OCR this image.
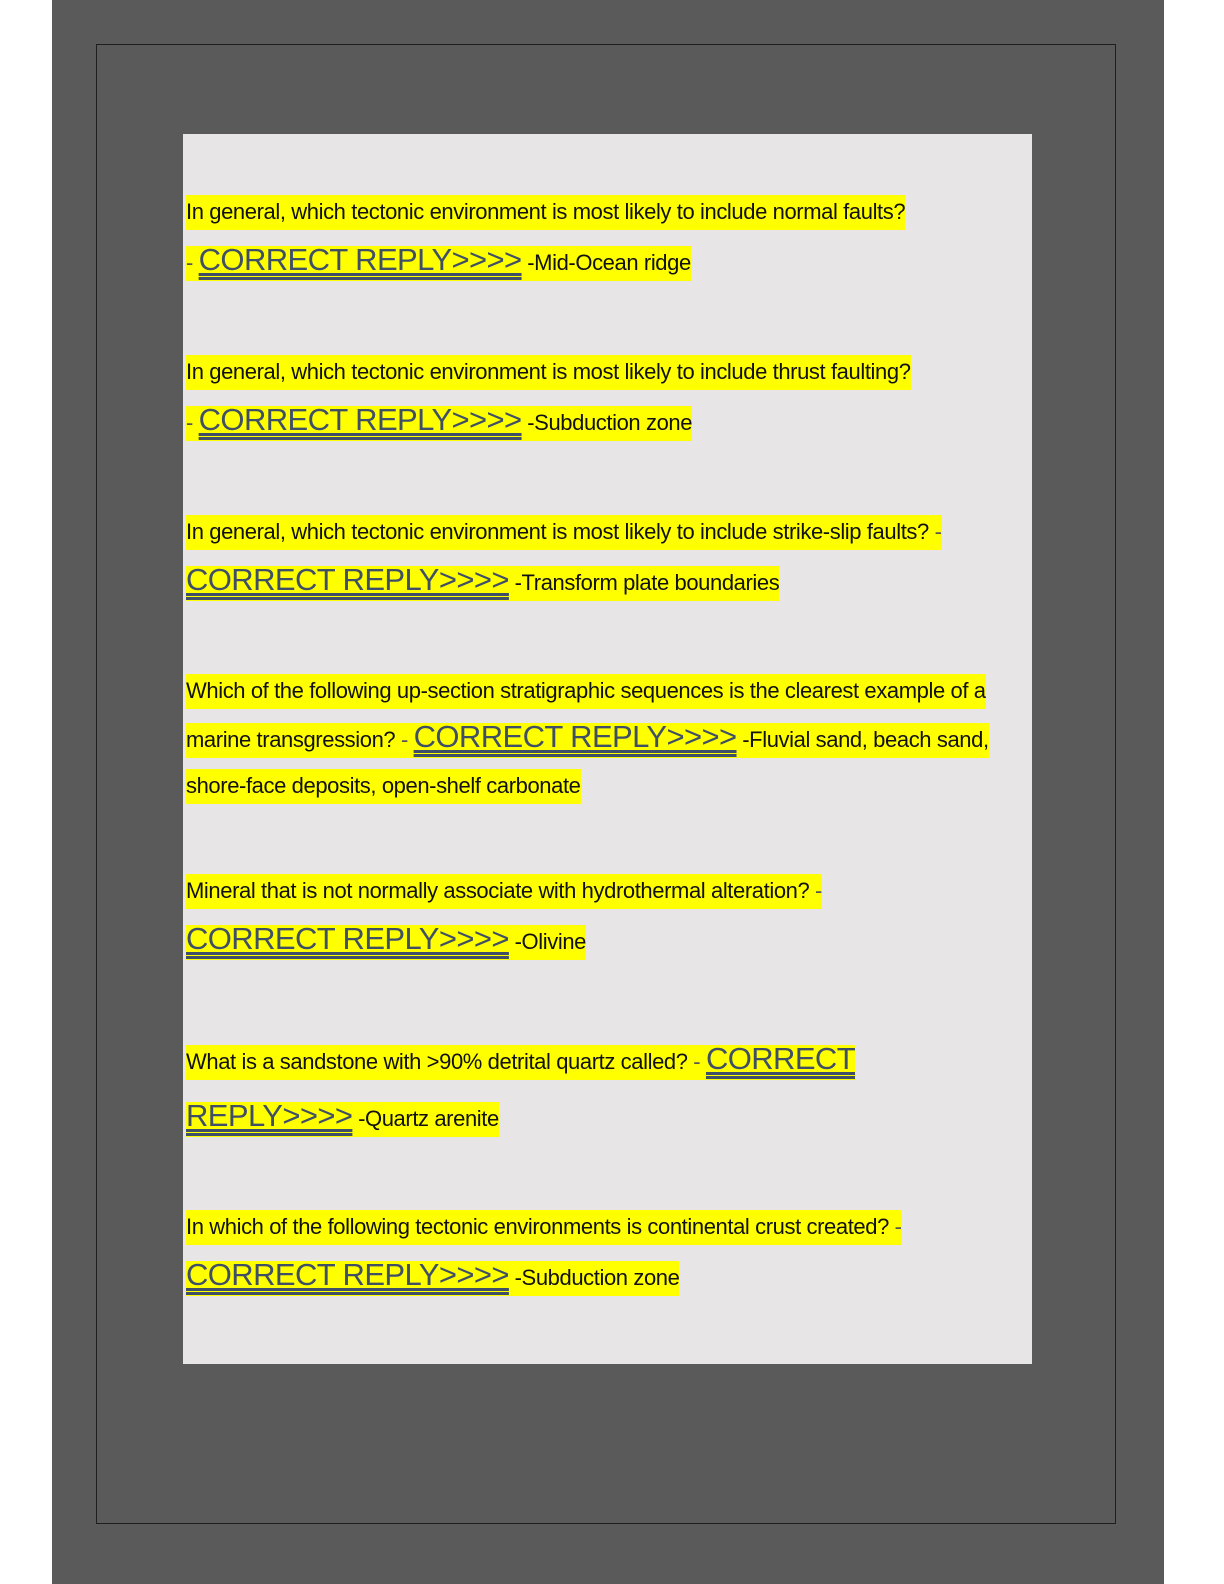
In general, which tectonic environment is most likely to include normal faults?
- CORRECT REPLY>>>> -Mid-Ocean ridge

In general, which tectonic environment is most likely to include thrust faulting?
- CORRECT REPLY>>>> -Subduction zone

In general, which tectonic environment is most likely to include strike-slip faults? - CORRECT REPLY>>>> -Transform plate boundaries

Which of the following up-section stratigraphic sequences is the clearest example of a marine transgression? - CORRECT REPLY>>>> -Fluvial sand, beach sand, shore-face deposits, open-shelf carbonate

Mineral that is not normally associate with hydrothermal alteration? - CORRECT REPLY>>>> -Olivine

What is a sandstone with >90% detrital quartz called? - CORRECT REPLY>>>> -Quartz arenite

In which of the following tectonic environments is continental crust created? - CORRECT REPLY>>>> -Subduction zone
